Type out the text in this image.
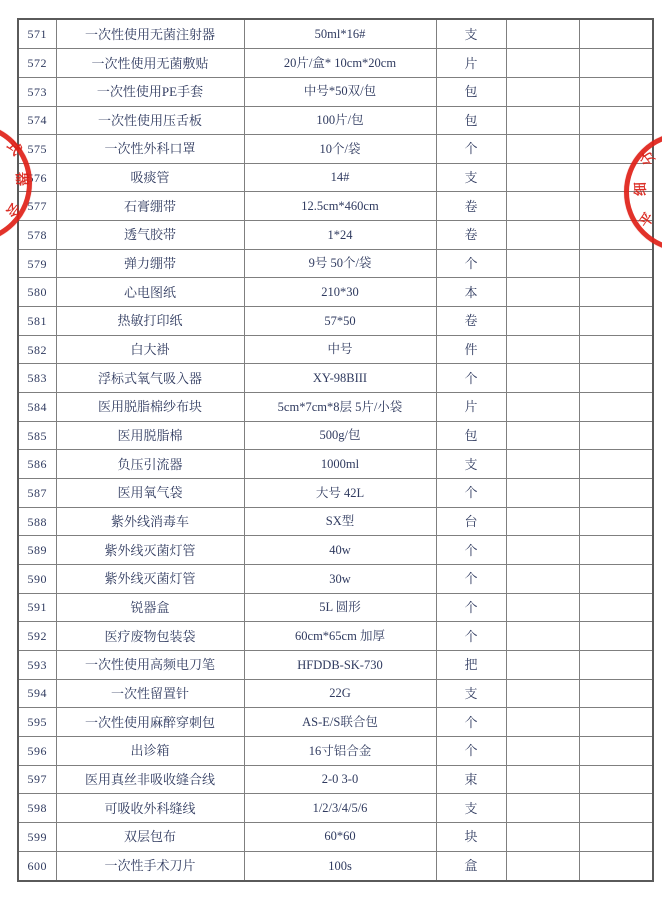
571	一次性使用无菌注射器	50ml*16#	支		
572	一次性使用无菌敷贴	20片/盒* 10cm*20cm	片		
573	一次性使用PE手套	中号*50双/包	包		
574	一次性使用压舌板	100片/包	包		
575	一次性外科口罩	10个/袋	个		
576	吸痰管	14#	支		
577	石膏绷带	12.5cm*460cm	卷		
578	透气胶带	1*24	卷		
579	弹力绷带	9号 50个/袋	个		
580	心电图纸	210*30	本		
581	热敏打印纸	57*50	卷		
582	白大褂	中号	件		
583	浮标式氧气吸入器	XY-98BIII	个		
584	医用脱脂棉纱布块	5cm*7cm*8层 5片/小袋	片		
585	医用脱脂棉	500g/包	包		
586	负压引流器	1000ml	支		
587	医用氧气袋	大号 42L	个		
588	紫外线消毒车	SX型	台		
589	紫外线灭菌灯管	40w	个		
590	紫外线灭菌灯管	30w	个		
591	锐器盒	5L 圆形	个		
592	医疗废物包装袋	60cm*65cm 加厚	个		
593	一次性使用高频电刀笔	HFDDB-SK-730	把		
594	一次性留置针	22G	支		
595	一次性使用麻醉穿刺包	AS-E/S联合包	个		
596	出诊箱	16寸铝合金	个		
597	医用真丝非吸收缝合线	2-0 3-0	束		
598	可吸收外科缝线	1/2/3/4/5/6	支		
599	双层包布	60*60	块		
600	一次性手术刀片	100s	盒		
式
器
会
分
细
平
